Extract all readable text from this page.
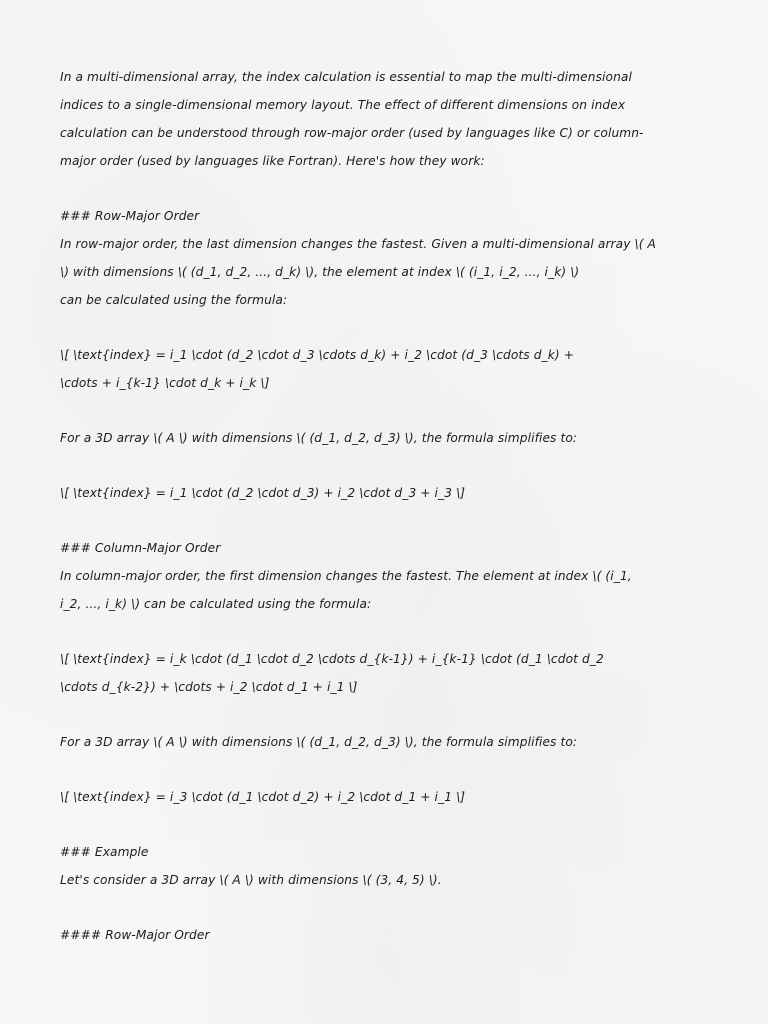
In a multi-dimensional array, the index calculation is essential to map the multi-dimensional
indices to a single-dimensional memory layout. The effect of different dimensions on index
calculation can be understood through row-major order (used by languages like C) or column-
major order (used by languages like Fortran). Here's how they work:
### Row-Major Order
In row-major order, the last dimension changes the fastest. Given a multi-dimensional array \( A
\) with dimensions \( (d_1, d_2, ..., d_k) \), the element at index \( (i_1, i_2, ..., i_k) \)
can be calculated using the formula:
\[ \text{index} = i_1 \cdot (d_2 \cdot d_3 \cdots d_k) + i_2 \cdot (d_3 \cdots d_k) +
\cdots + i_{k-1} \cdot d_k + i_k \]
For a 3D array \( A \) with dimensions \( (d_1, d_2, d_3) \), the formula simplifies to:
\[ \text{index} = i_1 \cdot (d_2 \cdot d_3) + i_2 \cdot d_3 + i_3 \]
### Column-Major Order
In column-major order, the first dimension changes the fastest. The element at index \( (i_1,
i_2, ..., i_k) \) can be calculated using the formula:
\[ \text{index} = i_k \cdot (d_1 \cdot d_2 \cdots d_{k-1}) + i_{k-1} \cdot (d_1 \cdot d_2
\cdots d_{k-2}) + \cdots + i_2 \cdot d_1 + i_1 \]
For a 3D array \( A \) with dimensions \( (d_1, d_2, d_3) \), the formula simplifies to:
\[ \text{index} = i_3 \cdot (d_1 \cdot d_2) + i_2 \cdot d_1 + i_1 \]
### Example
Let's consider a 3D array \( A \) with dimensions \( (3, 4, 5) \).
#### Row-Major Order
